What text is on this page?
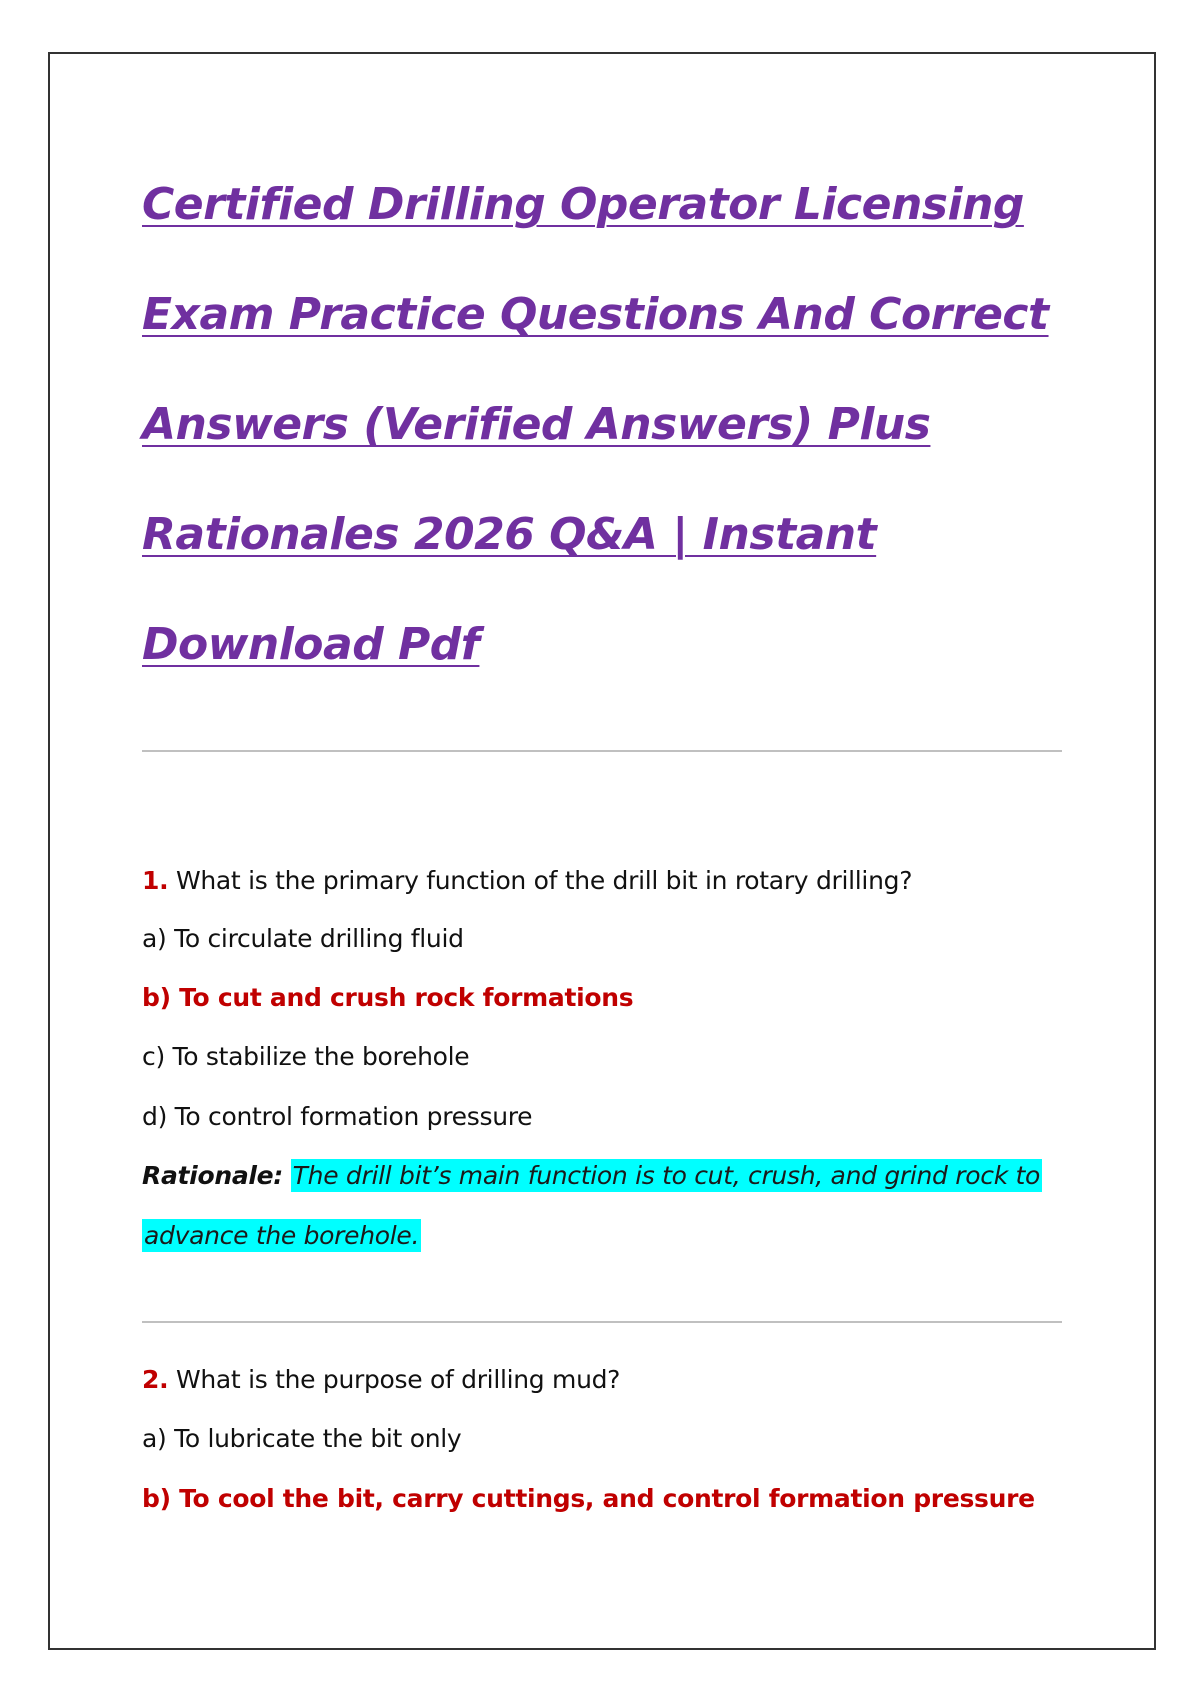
Certified Drilling Operator Licensing
Exam Practice Questions And Correct
Answers (Verified Answers) Plus
Rationales 2026 Q&A | Instant
Download Pdf

1. What is the primary function of the drill bit in rotary drilling?

a) To circulate drilling fluid

b) To cut and crush rock formations

c) To stabilize the borehole

d) To control formation pressure

Rationale: The drill bit’s main function is to cut, crush, and grind rock to

advance the borehole.

2. What is the purpose of drilling mud?

a) To lubricate the bit only

b) To cool the bit, carry cuttings, and control formation pressure
